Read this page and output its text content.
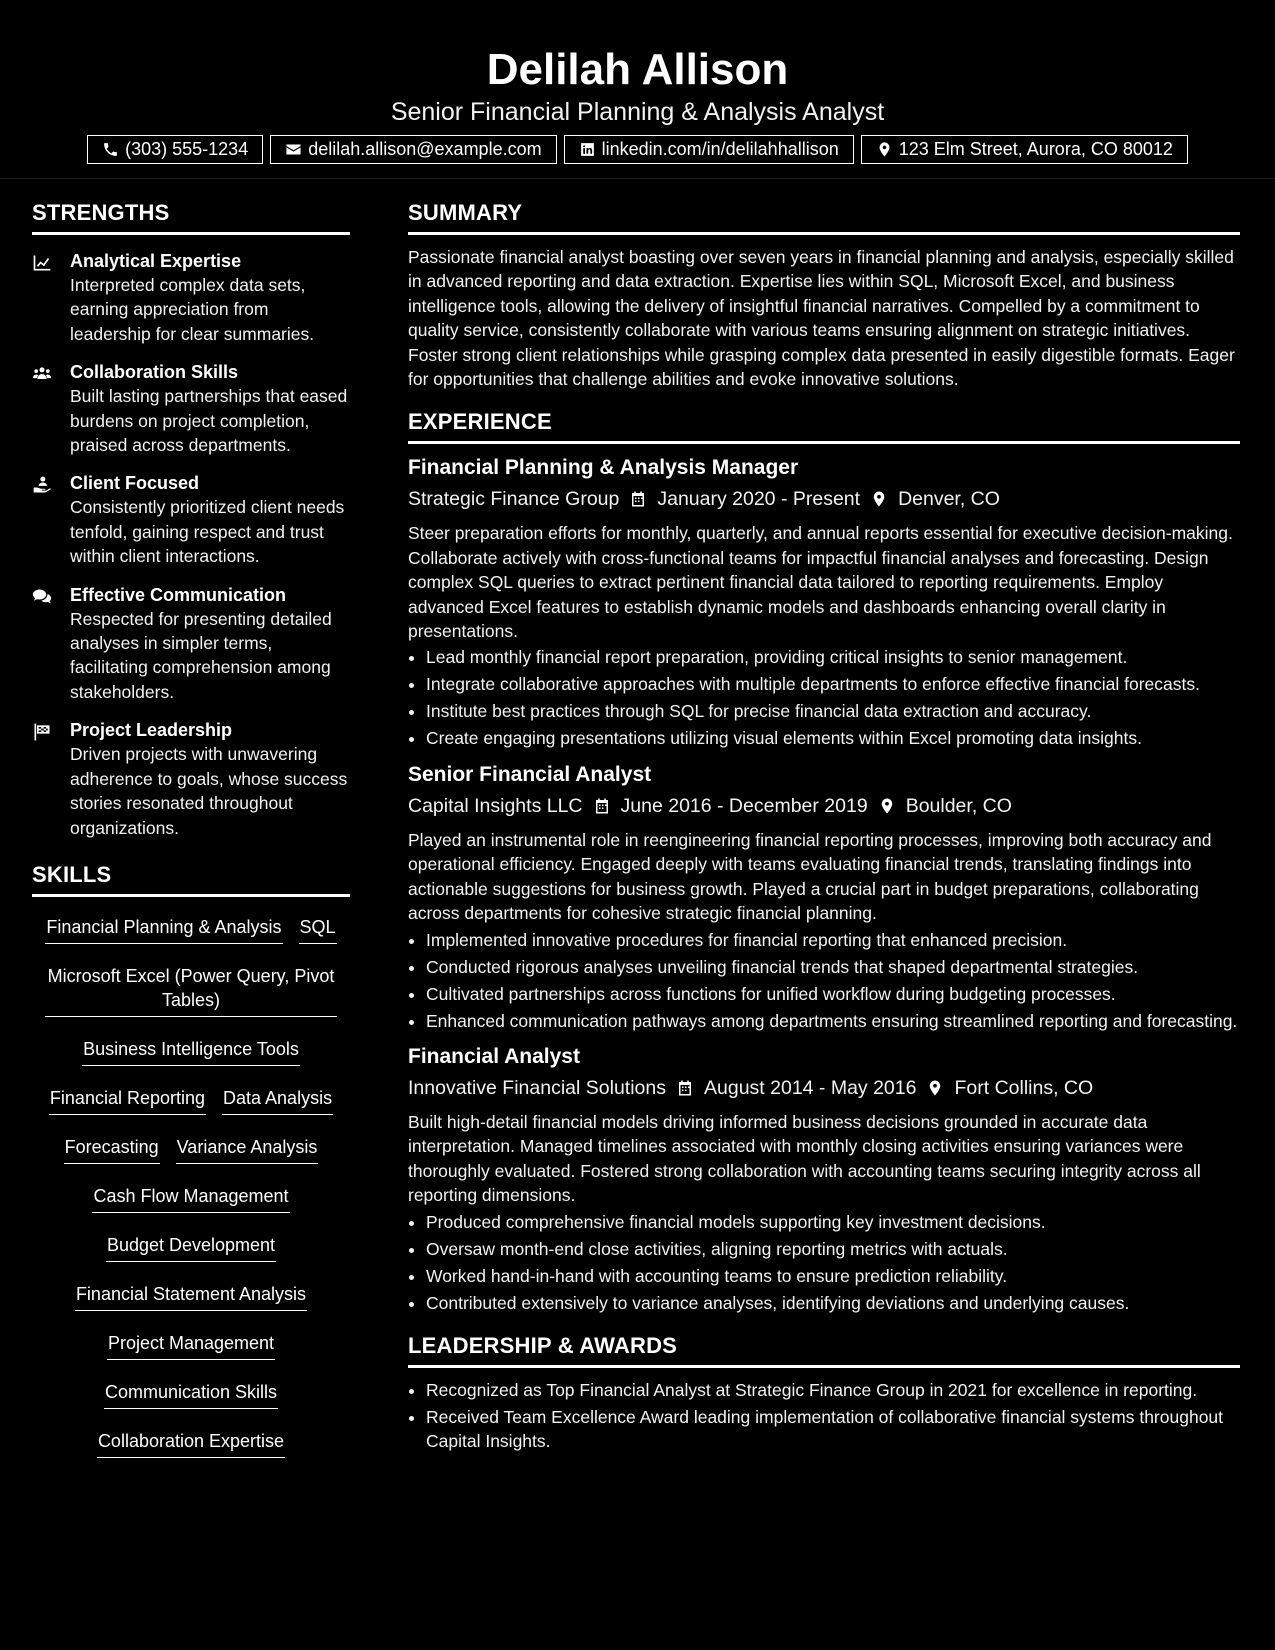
Delilah Allison
Senior Financial Planning & Analysis Analyst
(303) 555-1234	delilah.allison@example.com	linkedin.com/in/delilahhallison	123 Elm Street, Aurora, CO 80012
STRENGTHS
Analytical Expertise
Interpreted complex data sets, earning appreciation from leadership for clear summaries.
Collaboration Skills
Built lasting partnerships that eased burdens on project completion, praised across departments.
Client Focused
Consistently prioritized client needs tenfold, gaining respect and trust within client interactions.
Effective Communication
Respected for presenting detailed analyses in simpler terms, facilitating comprehension among stakeholders.
Project Leadership
Driven projects with unwavering adherence to goals, whose success stories resonated throughout organizations.
SKILLS
Financial Planning & Analysis SQL
Microsoft Excel (Power Query, Pivot Tables)
Business Intelligence Tools
Financial Reporting Data Analysis
Forecasting Variance Analysis
Cash Flow Management
Budget Development
Financial Statement Analysis
Project Management
Communication Skills
Collaboration Expertise
SUMMARY
Passionate financial analyst boasting over seven years in financial planning and analysis, especially skilled in advanced reporting and data extraction. Expertise lies within SQL, Microsoft Excel, and business intelligence tools, allowing the delivery of insightful financial narratives. Compelled by a commitment to quality service, consistently collaborate with various teams ensuring alignment on strategic initiatives. Foster strong client relationships while grasping complex data presented in easily digestible formats. Eager for opportunities that challenge abilities and evoke innovative solutions.
EXPERIENCE
Financial Planning & Analysis Manager
Strategic Finance Group January 2020 - Present Denver, CO
Steer preparation efforts for monthly, quarterly, and annual reports essential for executive decision-making. Collaborate actively with cross-functional teams for impactful financial analyses and forecasting. Design complex SQL queries to extract pertinent financial data tailored to reporting requirements. Employ advanced Excel features to establish dynamic models and dashboards enhancing overall clarity in presentations.
• Lead monthly financial report preparation, providing critical insights to senior management.
• Integrate collaborative approaches with multiple departments to enforce effective financial forecasts.
• Institute best practices through SQL for precise financial data extraction and accuracy.
• Create engaging presentations utilizing visual elements within Excel promoting data insights.
Senior Financial Analyst
Capital Insights LLC June 2016 - December 2019 Boulder, CO
Played an instrumental role in reengineering financial reporting processes, improving both accuracy and operational efficiency. Engaged deeply with teams evaluating financial trends, translating findings into actionable suggestions for business growth. Played a crucial part in budget preparations, collaborating across departments for cohesive strategic financial planning.
• Implemented innovative procedures for financial reporting that enhanced precision.
• Conducted rigorous analyses unveiling financial trends that shaped departmental strategies.
• Cultivated partnerships across functions for unified workflow during budgeting processes.
• Enhanced communication pathways among departments ensuring streamlined reporting and forecasting.
Financial Analyst
Innovative Financial Solutions August 2014 - May 2016 Fort Collins, CO
Built high-detail financial models driving informed business decisions grounded in accurate data interpretation. Managed timelines associated with monthly closing activities ensuring variances were thoroughly evaluated. Fostered strong collaboration with accounting teams securing integrity across all reporting dimensions.
• Produced comprehensive financial models supporting key investment decisions.
• Oversaw month-end close activities, aligning reporting metrics with actuals.
• Worked hand-in-hand with accounting teams to ensure prediction reliability.
• Contributed extensively to variance analyses, identifying deviations and underlying causes.
LEADERSHIP & AWARDS
• Recognized as Top Financial Analyst at Strategic Finance Group in 2021 for excellence in reporting.
• Received Team Excellence Award leading implementation of collaborative financial systems throughout Capital Insights.
